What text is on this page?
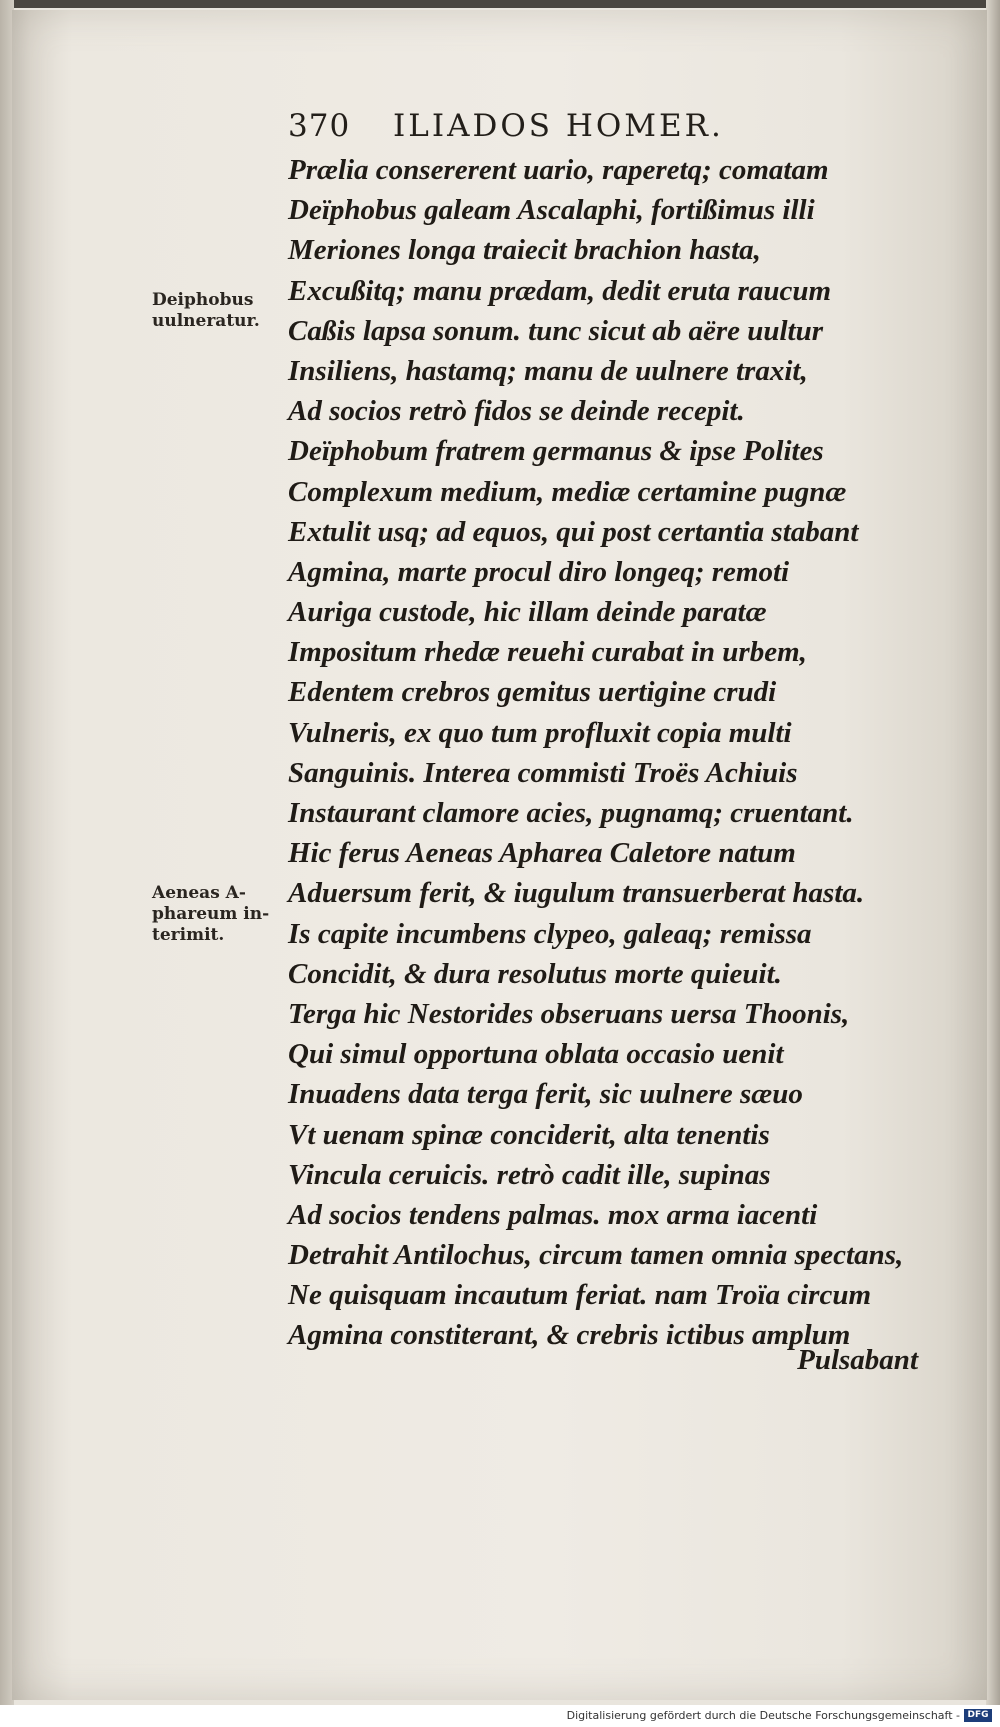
370 ILIADOS HOMER.
Deiphobus
uulneratur.
Aeneas A-
phareum in-
terimit.
Prælia consererent uario, raperetq; comatam
Deïphobus galeam Ascalaphi, fortißimus illi
Meriones longa traiecit brachion hasta,
Excußitq; manu prædam, dedit eruta raucum
Caßis lapsa sonum. tunc sicut ab aëre uultur
Insiliens, hastamq; manu de uulnere traxit,
Ad socios retrò fidos se deinde recepit.
Deïphobum fratrem germanus & ipse Polites
Complexum medium, mediæ certamine pugnæ
Extulit usq; ad equos, qui post certantia stabant
Agmina, marte procul diro longeq; remoti
Auriga custode, hic illam deinde paratæ
Impositum rhedæ reuehi curabat in urbem,
Edentem crebros gemitus uertigine crudi
Vulneris, ex quo tum profluxit copia multi
Sanguinis. Interea commisti Troës Achiuis
Instaurant clamore acies, pugnamq; cruentant.
Hic ferus Aeneas Apharea Caletore natum
Aduersum ferit, & iugulum transuerberat hasta.
Is capite incumbens clypeo, galeaq; remissa
Concidit, & dura resolutus morte quieuit.
Terga hic Nestorides obseruans uersa Thoonis,
Qui simul opportuna oblata occasio uenit
Inuadens data terga ferit, sic uulnere sæuo
Vt uenam spinæ conciderit, alta tenentis
Vincula ceruicis. retrò cadit ille, supinas
Ad socios tendens palmas. mox arma iacenti
Detrahit Antilochus, circum tamen omnia spectans,
Ne quisquam incautum feriat. nam Troïa circum
Agmina constiterant, & crebris ictibus amplum
Pulsabant
Digitalisierung gefördert durch die Deutsche Forschungsgemeinschaft - DFG
